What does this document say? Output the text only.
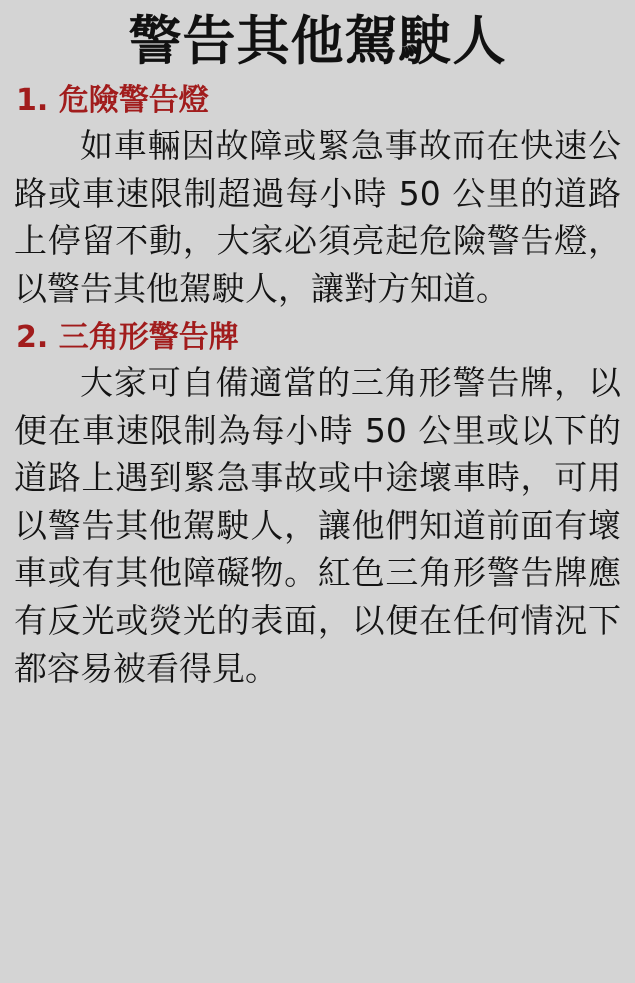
警告其他駕駛人
1. 危險警告燈

如車輛因故障或緊急事故而在快速公路或車速限制超過每小時 50 公里的道路上停留不動，大家必須亮起危險警告燈，以警告其他駕駛人，讓對方知道。

2. 三角形警告牌

大家可自備適當的三角形警告牌，以便在車速限制為每小時 50 公里或以下的道路上遇到緊急事故或中途壞車時，可用以警告其他駕駛人，讓他們知道前面有壞車或有其他障礙物。紅色三角形警告牌應有反光或熒光的表面，以便在任何情況下都容易被看得見。
